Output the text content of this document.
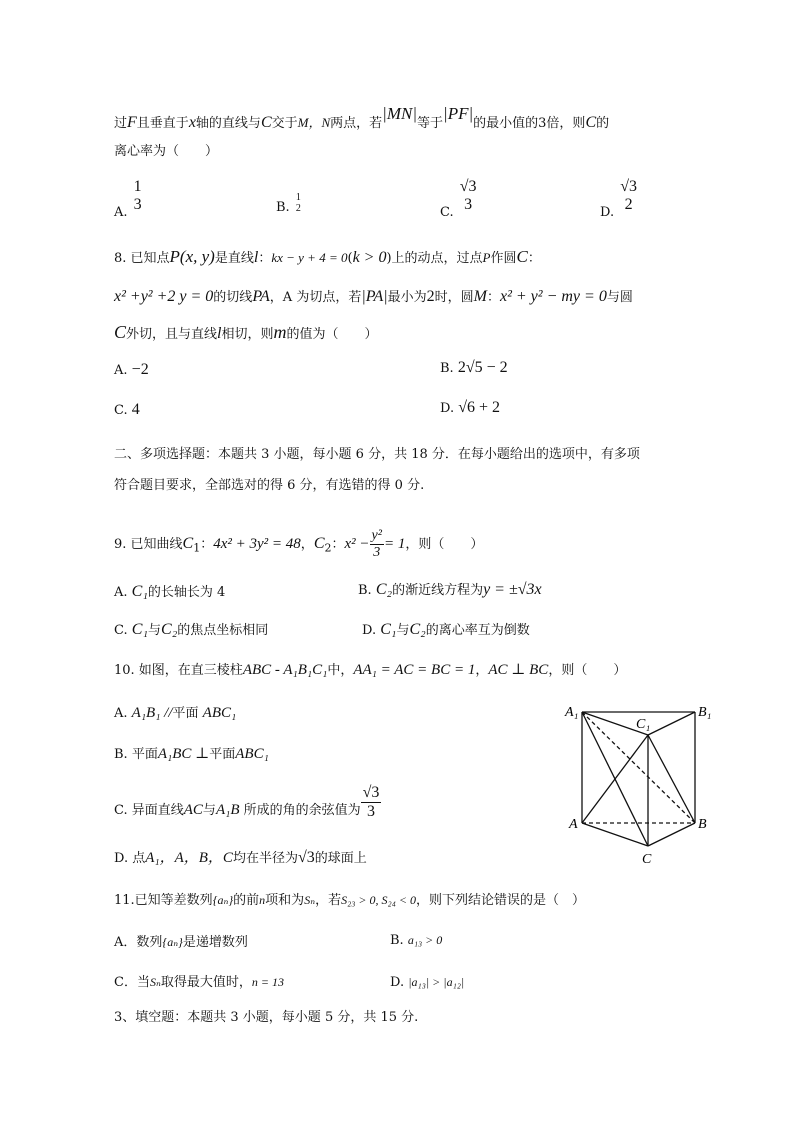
过F且垂直于x轴的直线与C交于M，N两点，若|MN|等于|PF|的最小值的3倍，则C的
离心率为（　　）
A.
1
3	B.
1
2	C.
√3
3	D.
√3
2
8. 已知点P(x, y)是直线l：kx − y + 4 = 0(k > 0)上的动点，过点P作圆C：
x² +y² +2 y = 0的切线PA，A 为切点，若|PA|最小为2时，圆M：x² + y² − my = 0与圆
C外切，且与直线l相切，则m的值为（　　）
A. −2	B. 2√5 − 2
C. 4	D. √6 + 2
二、多项选择题：本题共 3 小题，每小题 6 分，共 18 分．在每小题给出的选项中，有多项
符合题目要求，全部选对的得 6 分，有选错的得 0 分.
9. 已知曲线$C_1$：4x² + 3y² = 48，$C_2$：$x^2 - \frac{\text{y²}}{3} = 1$，则（　　）
A. C₁的长轴长为 4	B. C₂的渐近线方程为y = ±√3x
C. C₁与C₂的焦点坐标相同	D. C₁与C₂的离心率互为倒数
10. 如图，在直三棱柱ABC - A₁B₁C₁中，AA₁ = AC = BC = 1，AC ⊥ BC，则（　　）
A. A₁B₁ //平面 ABC₁
B. 平面A₁BC ⊥平面ABC₁
C. 异面直线AC与A₁B 所成的角的余弦值为 $\frac{√3}{3}$
D. 点A₁，A，B，C均在半径为√3的球面上
A₁	B₁
C₁
A	B
C
11.已知等差数列{aₙ}的前n项和为Sₙ，若S₂₃ > 0, S₂₄ < 0，则下列结论错误的是（　）
A．数列{aₙ}是递增数列	B. a₁₃ > 0
C．当Sₙ取得最大值时，n = 13	D. |a₁₃| > |a₁₂|
3、填空题：本题共 3 小题，每小题 5 分，共 15 分.
